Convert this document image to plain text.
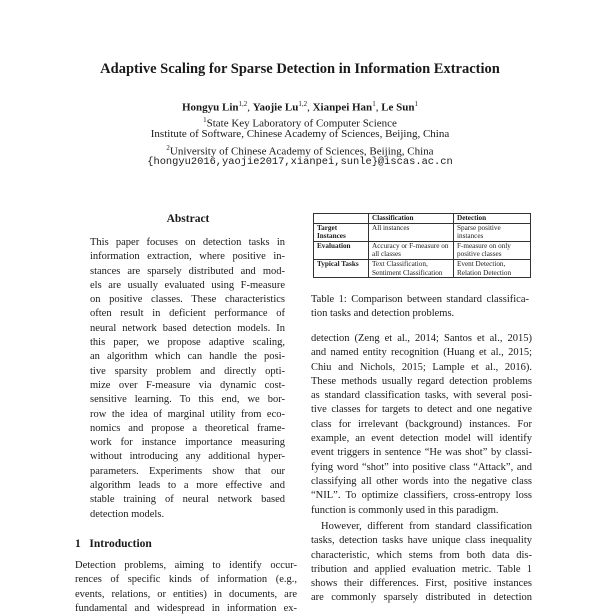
Adaptive Scaling for Sparse Detection in Information Extraction
Hongyu Lin$^{1,2}$, Yaojie Lu$^{1,2}$, Xianpei Han$^1$, Le Sun$^1$
$^1$State Key Laboratory of Computer Science
Institute of Software, Chinese Academy of Sciences, Beijing, China
$^2$University of Chinese Academy of Sciences, Beijing, China
{hongyu2016,yaojie2017,xianpei,sunle}@iscas.ac.cn
Abstract
This paper focuses on detection tasks in
information extraction, where positive in-
stances are sparsely distributed and mod-
els are usually evaluated using F-measure
on positive classes. These characteristics
often result in deficient performance of
neural network based detection models. In
this paper, we propose adaptive scaling,
an algorithm which can handle the posi-
tive sparsity problem and directly opti-
mize over F-measure via dynamic cost-
sensitive learning. To this end, we bor-
row the idea of marginal utility from eco-
nomics and propose a theoretical frame-
work for instance importance measuring
without introducing any additional hyper-
parameters. Experiments show that our
algorithm leads to a more effective and
stable training of neural network based
detection models.
1 Introduction
Detection problems, aiming to identify occur-
rences of specific kinds of information (e.g.,
events, relations, or entities) in documents, are
fundamental and widespread in information ex-
	Classification	Detection
Target Instances	All instances	Sparse positive instances
Evaluation	Accuracy or F-measure on all classes	F-measure on only positive classes
Typical Tasks	Text Classification, Sentiment Classification	Event Detection, Relation Detection
Table 1: Comparison between standard classifica-
tion tasks and detection problems.
detection (Zeng et al., 2014; Santos et al., 2015)
and named entity recognition (Huang et al., 2015;
Chiu and Nichols, 2015; Lample et al., 2016).
These methods usually regard detection problems
as standard classification tasks, with several posi-
tive classes for targets to detect and one negative
class for irrelevant (background) instances. For
example, an event detection model will identify
event triggers in sentence “He was shot” by classi-
fying word “shot” into positive class “Attack”, and
classifying all other words into the negative class
“NIL”. To optimize classifiers, cross-entropy loss
function is commonly used in this paradigm.
However, different from standard classification
tasks, detection tasks have unique class inequality
characteristic, which stems from both data dis-
tribution and applied evaluation metric. Table 1
shows their differences. First, positive instances
are commonly sparsely distributed in detection
